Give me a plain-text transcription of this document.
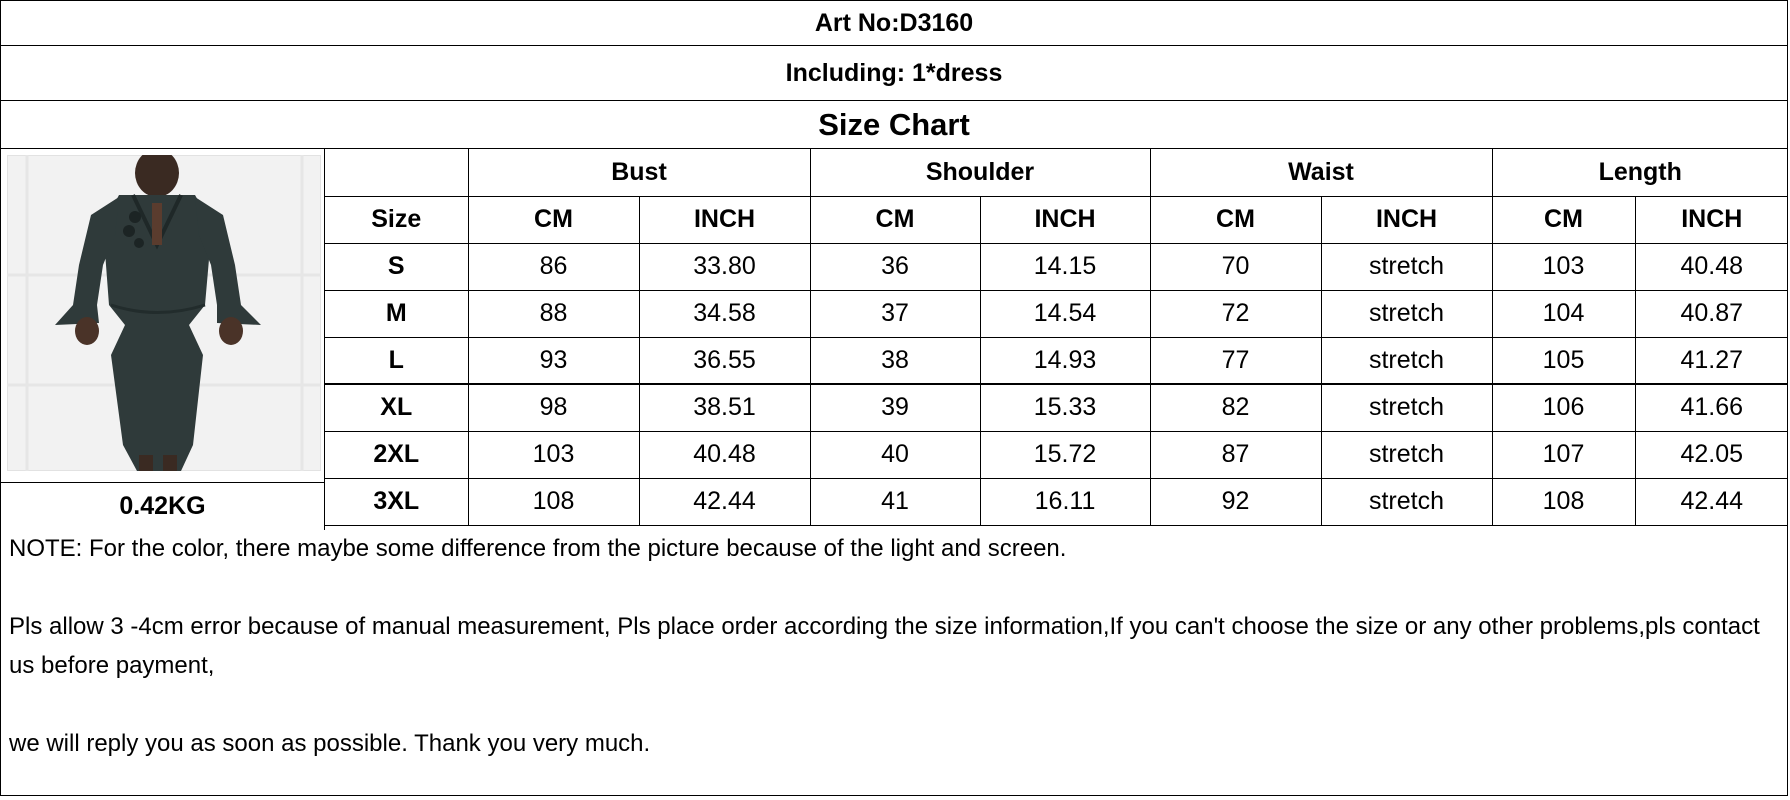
Art No:D3160
Including: 1*dress
Size Chart
0.42KG
	Bust		Shoulder		Waist		Length	
Size	CM	INCH	CM	INCH	CM	INCH	CM	INCH
S	86	33.80	36	14.15	70	stretch	103	40.48
M	88	34.58	37	14.54	72	stretch	104	40.87
L	93	36.55	38	14.93	77	stretch	105	41.27
XL	98	38.51	39	15.33	82	stretch	106	41.66
2XL	103	40.48	40	15.72	87	stretch	107	42.05
3XL	108	42.44	41	16.11	92	stretch	108	42.44

NOTE: For the color, there maybe some difference from the picture because of the light and screen.

Pls allow 3 -4cm error because of manual measurement, Pls place order according the size information,If you can't choose the size or any other problems,pls contact us before payment,

we will reply you as soon as possible. Thank you very much.
